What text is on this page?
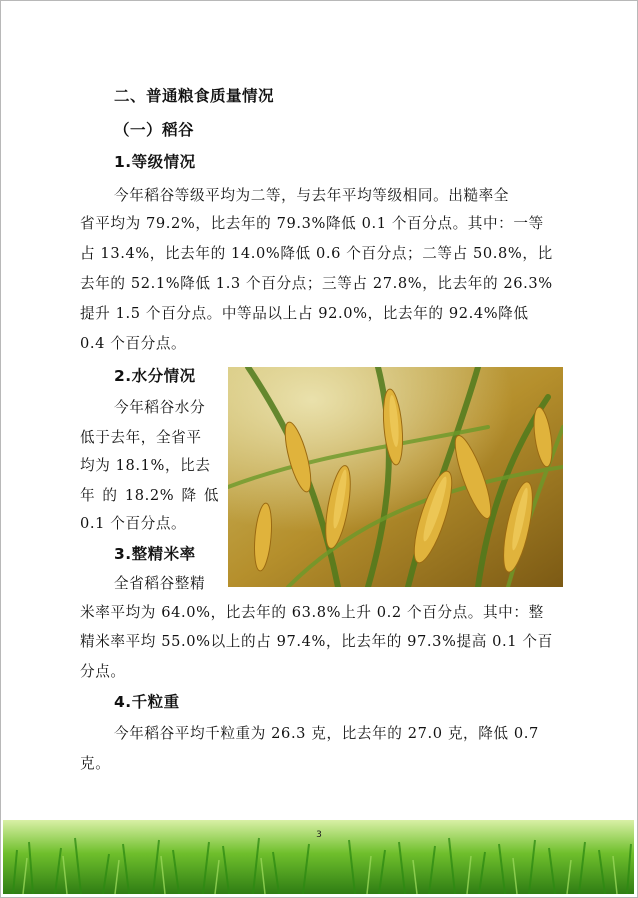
二、普通粮食质量情况
（一）稻谷
1.等级情况
今年稻谷等级平均为二等，与去年平均等级相同。出糙率全
省平均为 79.2%，比去年的 79.3%降低 0.1 个百分点。其中：一等
占 13.4%，比去年的 14.0%降低 0.6 个百分点；二等占 50.8%，比
去年的 52.1%降低 1.3 个百分点；三等占 27.8%，比去年的 26.3%
提升 1.5 个百分点。中等品以上占 92.0%，比去年的 92.4%降低
0.4 个百分点。
2.水分情况
今年稻谷水分
低于去年，全省平
均为 18.1%，比去
年 的 18.2% 降 低
0.1 个百分点。
3.整精米率
全省稻谷整精
米率平均为 64.0%，比去年的 63.8%上升 0.2 个百分点。其中：整
精米率平均 55.0%以上的占 97.4%，比去年的 97.3%提高 0.1 个百
分点。
4.千粒重
今年稻谷平均千粒重为 26.3 克，比去年的 27.0 克，降低 0.7
克。
3
